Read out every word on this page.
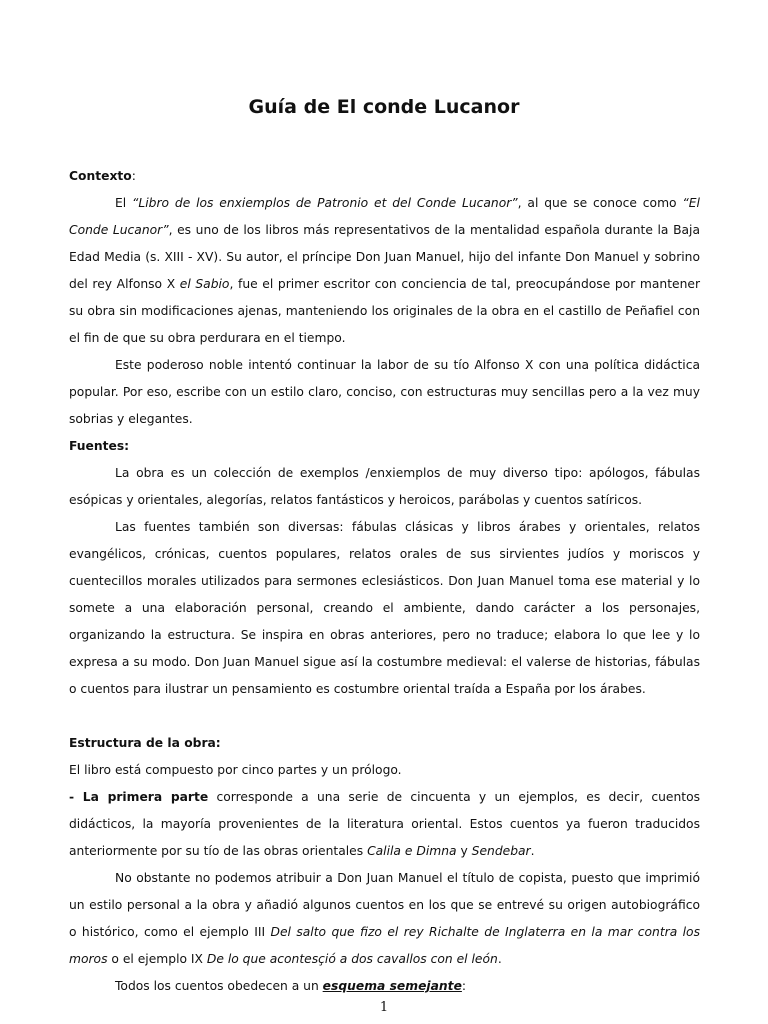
Guía de El conde Lucanor

Contexto:

El “Libro de los enxiemplos de Patronio et del Conde Lucanor”, al que se conoce como “El Conde Lucanor”, es uno de los libros más representativos de la mentalidad española durante la Baja Edad Media (s. XIII - XV). Su autor, el príncipe Don Juan Manuel, hijo del infante Don Manuel y sobrino del rey Alfonso X el Sabio, fue el primer escritor con conciencia de tal, preocupándose por mantener su obra sin modificaciones ajenas, manteniendo los originales de la obra en el castillo de Peñafiel con el fin de que su obra perdurara en el tiempo.

Este poderoso noble intentó continuar la labor de su tío Alfonso X con una política didáctica popular. Por eso, escribe con un estilo claro, conciso, con estructuras muy sencillas pero a la vez muy sobrias y elegantes.

Fuentes:

La obra es un colección de exemplos /enxiemplos de muy diverso tipo: apólogos, fábulas esópicas y orientales, alegorías, relatos fantásticos y heroicos, parábolas y cuentos satíricos.

Las fuentes también son diversas: fábulas clásicas y libros árabes y orientales, relatos evangélicos, crónicas, cuentos populares, relatos orales de sus sirvientes judíos y moriscos y cuentecillos morales utilizados para sermones eclesiásticos. Don Juan Manuel toma ese material y lo somete a una elaboración personal, creando el ambiente, dando carácter a los personajes, organizando la estructura. Se inspira en obras anteriores, pero no traduce; elabora lo que lee y lo expresa a su modo. Don Juan Manuel sigue así la costumbre medieval: el valerse de historias, fábulas o cuentos para ilustrar un pensamiento es costumbre oriental traída a España por los árabes.

Estructura de la obra:

El libro está compuesto por cinco partes y un prólogo.

- La primera parte corresponde a una serie de cincuenta y un ejemplos, es decir, cuentos didácticos, la mayoría provenientes de la literatura oriental. Estos cuentos ya fueron traducidos anteriormente por su tío de las obras orientales Calila e Dimna y Sendebar.

No obstante no podemos atribuir a Don Juan Manuel el título de copista, puesto que imprimió un estilo personal a la obra y añadió algunos cuentos en los que se entrevé su origen autobiográfico o histórico, como el ejemplo III Del salto que fizo el rey Richalte de Inglaterra en la mar contra los moros o el ejemplo IX De lo que acontesçió a dos cavallos con el león.

Todos los cuentos obedecen a un esquema semejante:

1
